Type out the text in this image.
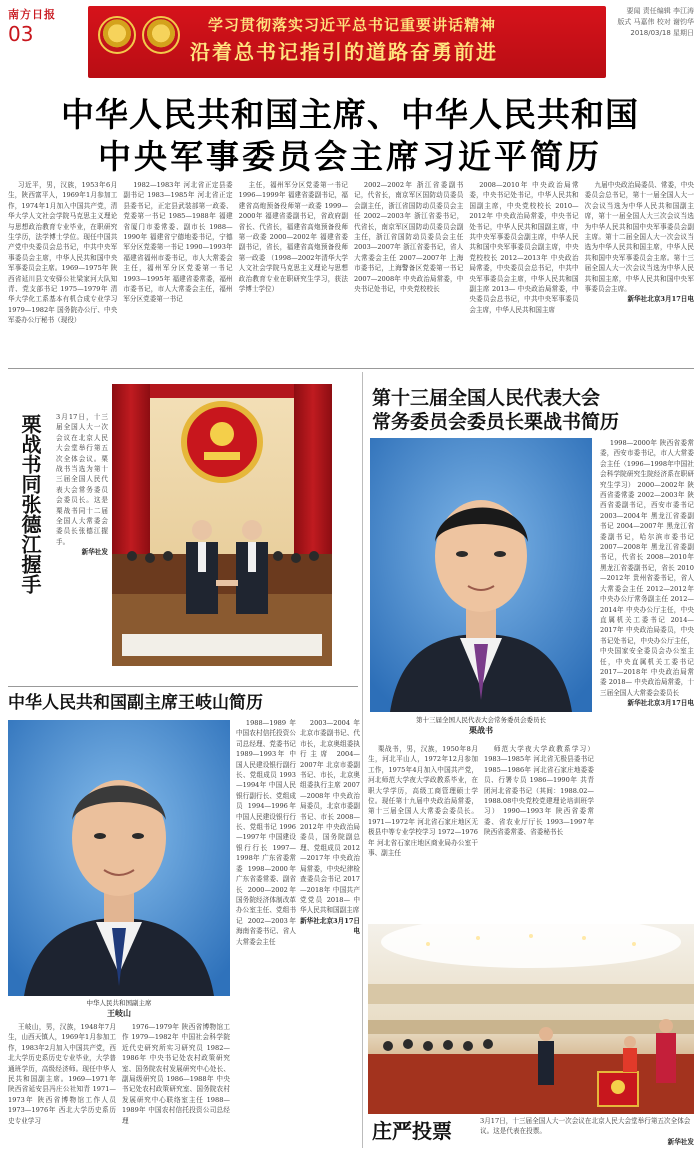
南方日报
03	学习贯彻落实习近平总书记重要讲话精神
沿着总书记指引的道路奋勇前进
要闻 责任编辑 李江涛
版式 马嘉伟 校对 谢钧华
2018/03/18 星期日
中华人民共和国主席、中华人民共和国
中央军事委员会主席习近平简历

习近平，男，汉族，1953年6月生，陕西富平人，1969年1月参加工作，1974年1月加入中国共产党，清华大学人文社会学院马克思主义理论与思想政治教育专业毕业，在职研究生学历，法学博士学位。现任中国共产党中央委员会总书记，中共中央军事委员会主席，中华人民共和国中央军事委员会主席。1969—1975年 陕西省延川县文安驿公社梁家河大队知青、党支部书记 1975—1979年 清华大学化工系基本有机合成专业学习 1979—1982年 国务院办公厅、中央军委办公厅秘书（现役）

1982—1983年 河北省正定县委副书记 1983—1985年 河北省正定县委书记，正定县武装部第一政委、党委第一书记 1985—1988年 福建省厦门市委常委、副市长 1988—1990年 福建省宁德地委书记，宁德军分区党委第一书记 1990—1993年 福建省福州市委书记，市人大常委会主任，福州军分区党委第一书记 1993—1995年 福建省委常委，福州市委书记，市人大常委会主任，福州军分区党委第一书记

主任，福州军分区党委第一书记 1996—1999年 福建省委副书记，福建省高炮预备役师第一政委 1999—2000年 福建省委副书记，省政府副省长、代省长，福建省高炮预备役师第一政委 2000—2002年 福建省委副书记，省长，福建省高炮预备役师第一政委 （1998—2002年清华大学人文社会学院马克思主义理论与思想政治教育专业在职研究生学习，获法学博士学位）

2002—2002年 浙江省委副书记，代省长，南京军区国防动员委员会副主任，浙江省国防动员委员会主任 2002—2003年 浙江省委书记，代省长，南京军区国防动员委员会副主任，浙江省国防动员委员会主任 2003—2007年 浙江省委书记，省人大常委会主任 2007—2007年 上海市委书记，上海警备区党委第一书记 2007—2008年 中央政治局常委，中央书记处书记，中央党校校长

2008—2010年 中央政治局常委，中央书记处书记，中华人民共和国副主席，中央党校校长 2010—2012年 中央政治局常委，中央书记处书记，中华人民共和国副主席，中共中央军事委员会副主席，中华人民共和国中央军事委员会副主席，中央党校校长 2012—2013年 中央政治局常委，中央委员会总书记，中共中央军事委员会主席，中华人民共和国副主席 2013— 中央政治局常委，中央委员会总书记，中共中央军事委员会主席，中华人民共和国主席

九届中央政治局委员、常委，中央委员会总书记，第十一届全国人大一次会议当选为中华人民共和国副主席，第十一届全国人大三次会议当选为中华人民共和国中央军事委员会副主席。第十二届全国人大一次会议当选为中华人民共和国主席，中华人民共和国中央军事委员会主席。第十三届全国人大一次会议当选为中华人民共和国主席，中华人民共和国中央军事委员会主席。

新华社北京3月17日电
栗战书同张德江握手 3月17日，十三届全国人大一次会议在北京人民大会堂举行第五次全体会议。栗战书当选为第十三届全国人民代表大会常务委员会委员长。这是栗战书同十二届全国人大常委会委员长张德江握手。
新华社发
第十三届全国人民代表大会
常务委员会委员长栗战书简历
第十三届全国人民代表大会常务委员会委员长
栗战书

1998—2000年 陕西省委常委，西安市委书记，市人大常委会主任（1996—1998年中国社会科学院研究生院经济系在职研究生学习） 2000—2002年 陕西省委常委 2002—2003年 陕西省委副书记，西安市委书记 2003—2004年 黑龙江省委副书记 2004—2007年 黑龙江省委副书记，哈尔滨市委书记 2007—2008年 黑龙江省委副书记，代省长 2008—2010年 黑龙江省委副书记，省长 2010—2012年 贵州省委书记，省人大常委会主任 2012—2012年 中央办公厅常务副主任 2012—2014年 中央办公厅主任，中央直属机关工委书记 2014—2017年 中央政治局委员，中央书记处书记，中央办公厅主任，中央国家安全委员会办公室主任，中央直属机关工委书记 2017—2018年 中央政治局常委 2018— 中央政治局常委，十三届全国人大常委会委员长

新华社北京3月17日电

栗战书，男，汉族，1950年8月生，河北平山人，1972年12月参加工作，1975年4月加入中国共产党，河北师范大学夜大学政教系毕业，在职大学学历，高级工商管理硕士学位。现任第十九届中央政治局常委，第十三届全国人大常委会委员长。1971—1972年 河北省石家庄地区无极县中等专业学校学习 1972—1976年 河北省石家庄地区商业局办公室干事、副主任

师范大学夜大学政教系学习） 1983—1985年 河北省无极县委书记 1985—1986年 河北省石家庄地委委员、行署专员 1986—1990年 共青团河北省委书记（其间：1988.02—1988.08中央党校党建理论培训班学习） 1990—1993年 陕西省委常委、省农业厅厅长 1993—1997年 陕西省委常委、省委秘书长

中华人民共和国副主席王岐山简历
中华人民共和国副主席
王岐山

1988—1989年 中国农村信托投资公司总经理、党委书记 1989—1993年 中国人民建设银行副行长、党组成员 1993—1994年 中国人民银行副行长、党组成员 1994—1996年 中国人民建设银行行长、党组书记 1996—1997年 中国建设银行行长 1997—1998年 广东省委常委 1998—2000年 广东省委常委、副省长 2000—2002年 国务院经济体制改革办公室主任、党组书记 2002—2003年 海南省委书记、省人大常委会主任

2003—2004年 北京市委副书记、代市长，北京奥组委执行主席 2004—2007年 北京市委副书记、市长，北京奥组委执行主席 2007—2008年 中央政治局委员，北京市委副书记、市长 2008—2012年 中央政治局委员，国务院副总理、党组成员 2012—2017年 中央政治局常委，中央纪律检查委员会书记 2017—2018年 中国共产党党员 2018— 中华人民共和国副主席

新华社北京3月17日电

王岐山，男，汉族，1948年7月生，山西天镇人，1969年1月参加工作，1983年2月加入中国共产党，西北大学历史系历史专业毕业，大学普通班学历，高级经济师。现任中华人民共和国副主席。1969—1971年 陕西省延安县冯庄公社知青 1971—1973年 陕西省博物馆工作人员 1973—1976年 西北大学历史系历史专业学习

1976—1979年 陕西省博物馆工作 1979—1982年 中国社会科学院近代史研究所实习研究员 1982—1986年 中央书记处农村政策研究室、国务院农村发展研究中心处长、副局级研究员 1986—1988年 中央书记处农村政策研究室、国务院农村发展研究中心联络室主任 1988—1989年 中国农村信托投资公司总经理	庄严投票	3月17日，十三届全国人大一次会议在北京人民大会堂举行第五次全体会议。这是代表在投票。
新华社发
